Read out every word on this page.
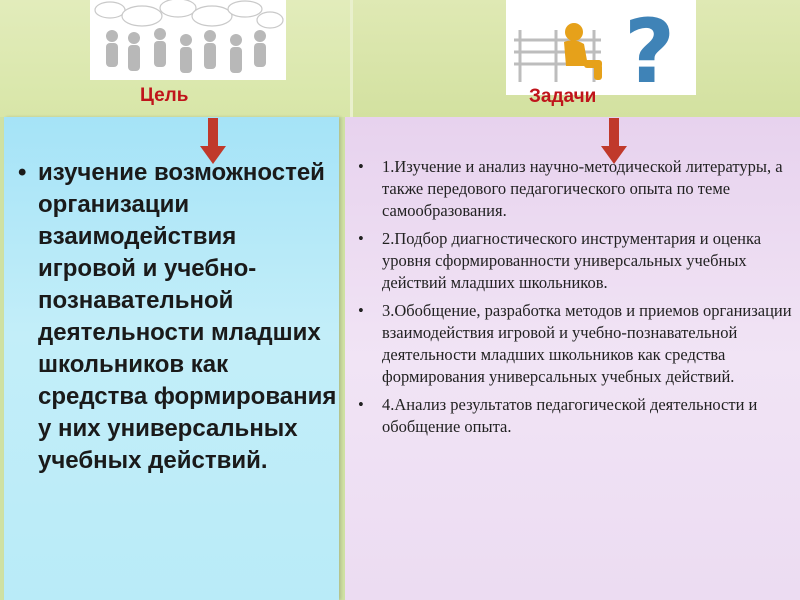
?
Цель	Задачи
• изучение возможностей организации взаимодействия игровой и учебно-познавательной деятельности младших школьников как средства формирования у них универсальных учебных действий.
• 1.Изучение и анализ научно-методической литературы, а также передового педагогического опыта по теме самообразования.
• 2.Подбор диагностического инструментария и оценка уровня сформированности универсальных учебных действий младших школьников.
• 3.Обобщение, разработка методов и приемов организации взаимодействия игровой и учебно-познавательной деятельности младших школьников как средства формирования универсальных учебных действий.
• 4.Анализ результатов педагогической деятельности и обобщение опыта.
